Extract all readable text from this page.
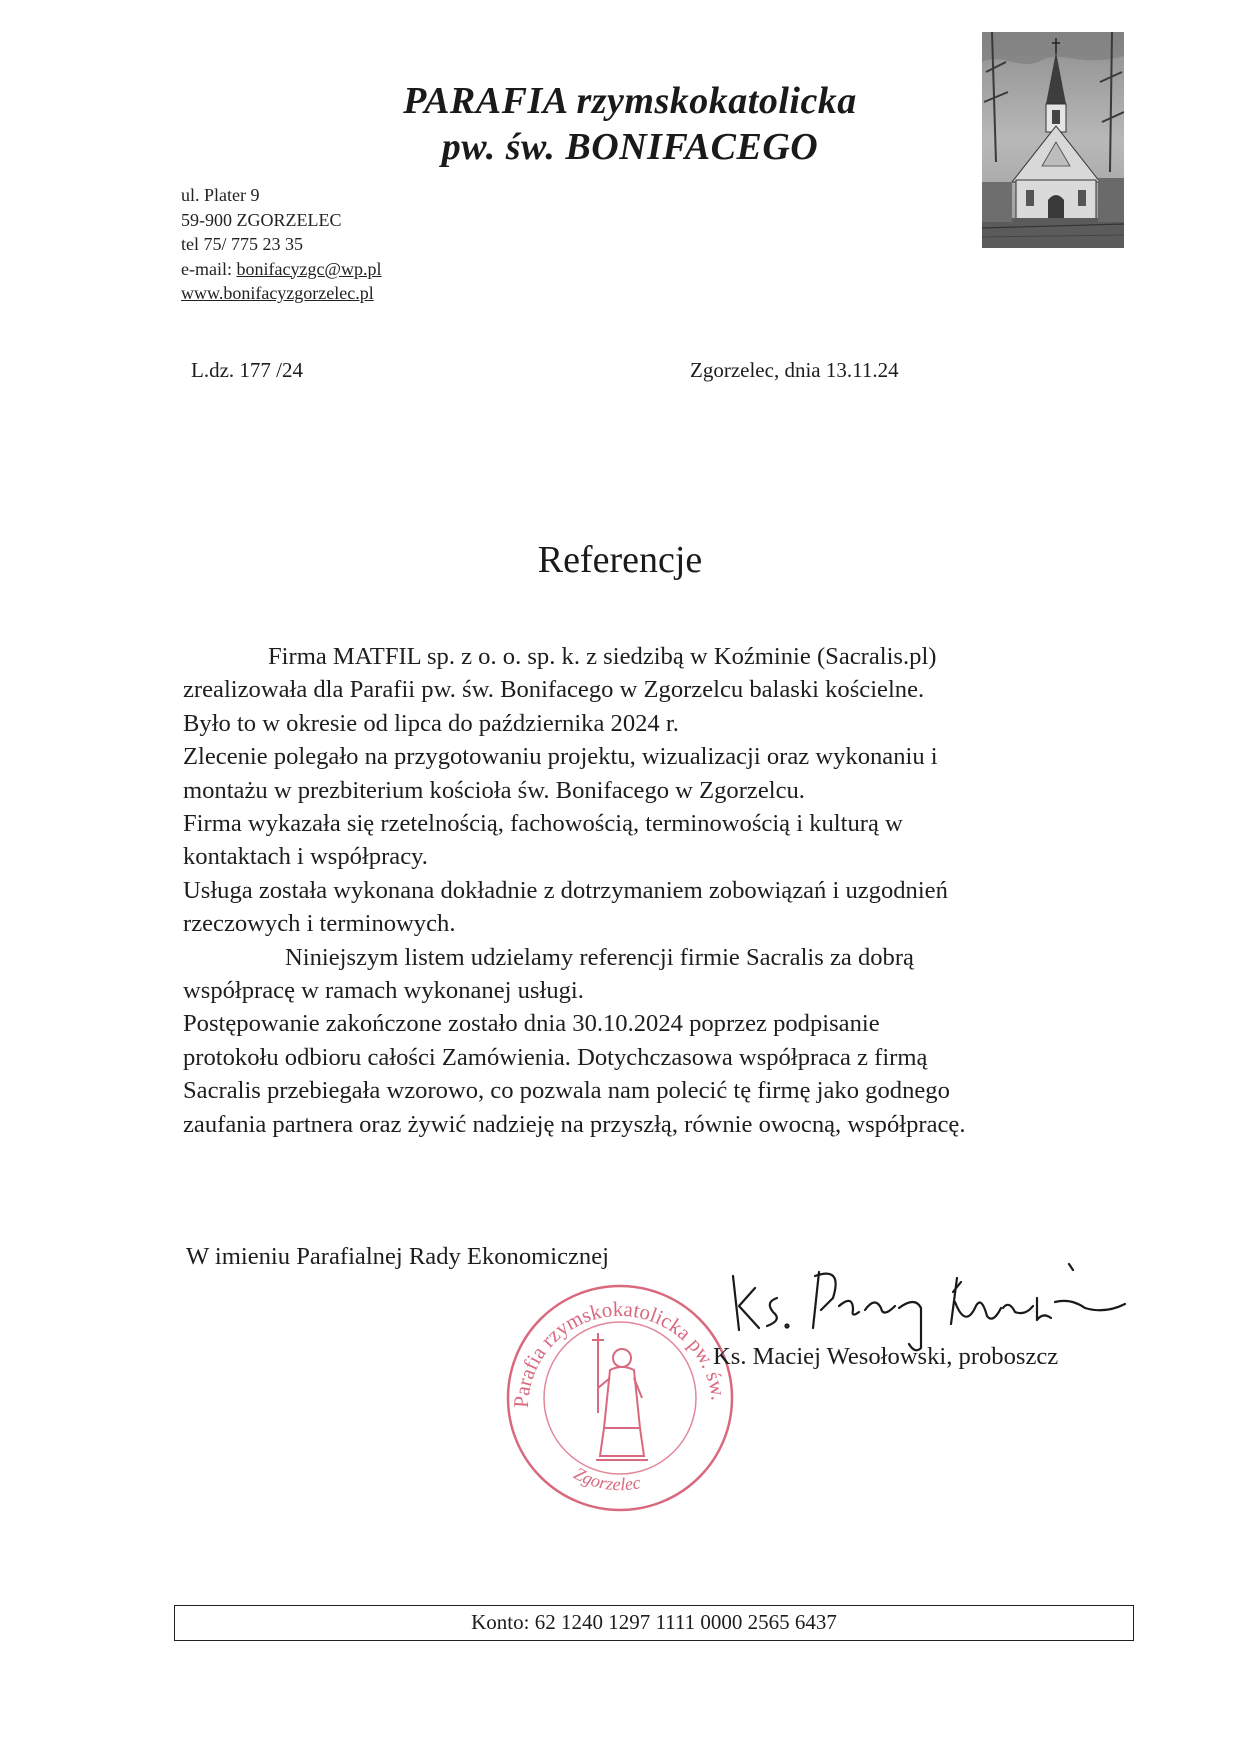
PARAFIA rzymskokatolicka
pw. św. BONIFACEGO
ul. Plater 9
59-900 ZGORZELEC
tel 75/ 775 23 35
e-mail: bonifacyzgc@wp.pl
www.bonifacyzgorzelec.pl
L.dz. 177 /24	Zgorzelec, dnia 13.11.24
Referencje
Firma MATFIL sp. z o. o. sp. k. z siedzibą w Koźminie (Sacralis.pl)
zrealizowała dla Parafii pw. św. Bonifacego w Zgorzelcu balaski kościelne.
Było to w okresie od lipca do października 2024 r.
Zlecenie polegało na przygotowaniu projektu, wizualizacji oraz wykonaniu i
montażu w prezbiterium kościoła św. Bonifacego w Zgorzelcu.
Firma wykazała się rzetelnością, fachowością, terminowością i kulturą w
kontaktach i współpracy.
Usługa została wykonana dokładnie z dotrzymaniem zobowiązań i uzgodnień
rzeczowych i terminowych.
Niniejszym listem udzielamy referencji firmie Sacralis za dobrą
współpracę w ramach wykonanej usługi.
Postępowanie zakończone zostało dnia 30.10.2024 poprzez podpisanie
protokołu odbioru całości Zamówienia. Dotychczasowa współpraca z firmą
Sacralis przebiegała wzorowo, co pozwala nam polecić tę firmę jako godnego
zaufania partnera oraz żywić nadzieję na przyszłą, równie owocną, współpracę.
W imieniu Parafialnej Rady Ekonomicznej
Parafia rzymskokatolicka pw. św.
Zgorzelec
Ks. Maciej Wesołowski, proboszcz
Konto: 62 1240 1297 1111 0000 2565 6437
